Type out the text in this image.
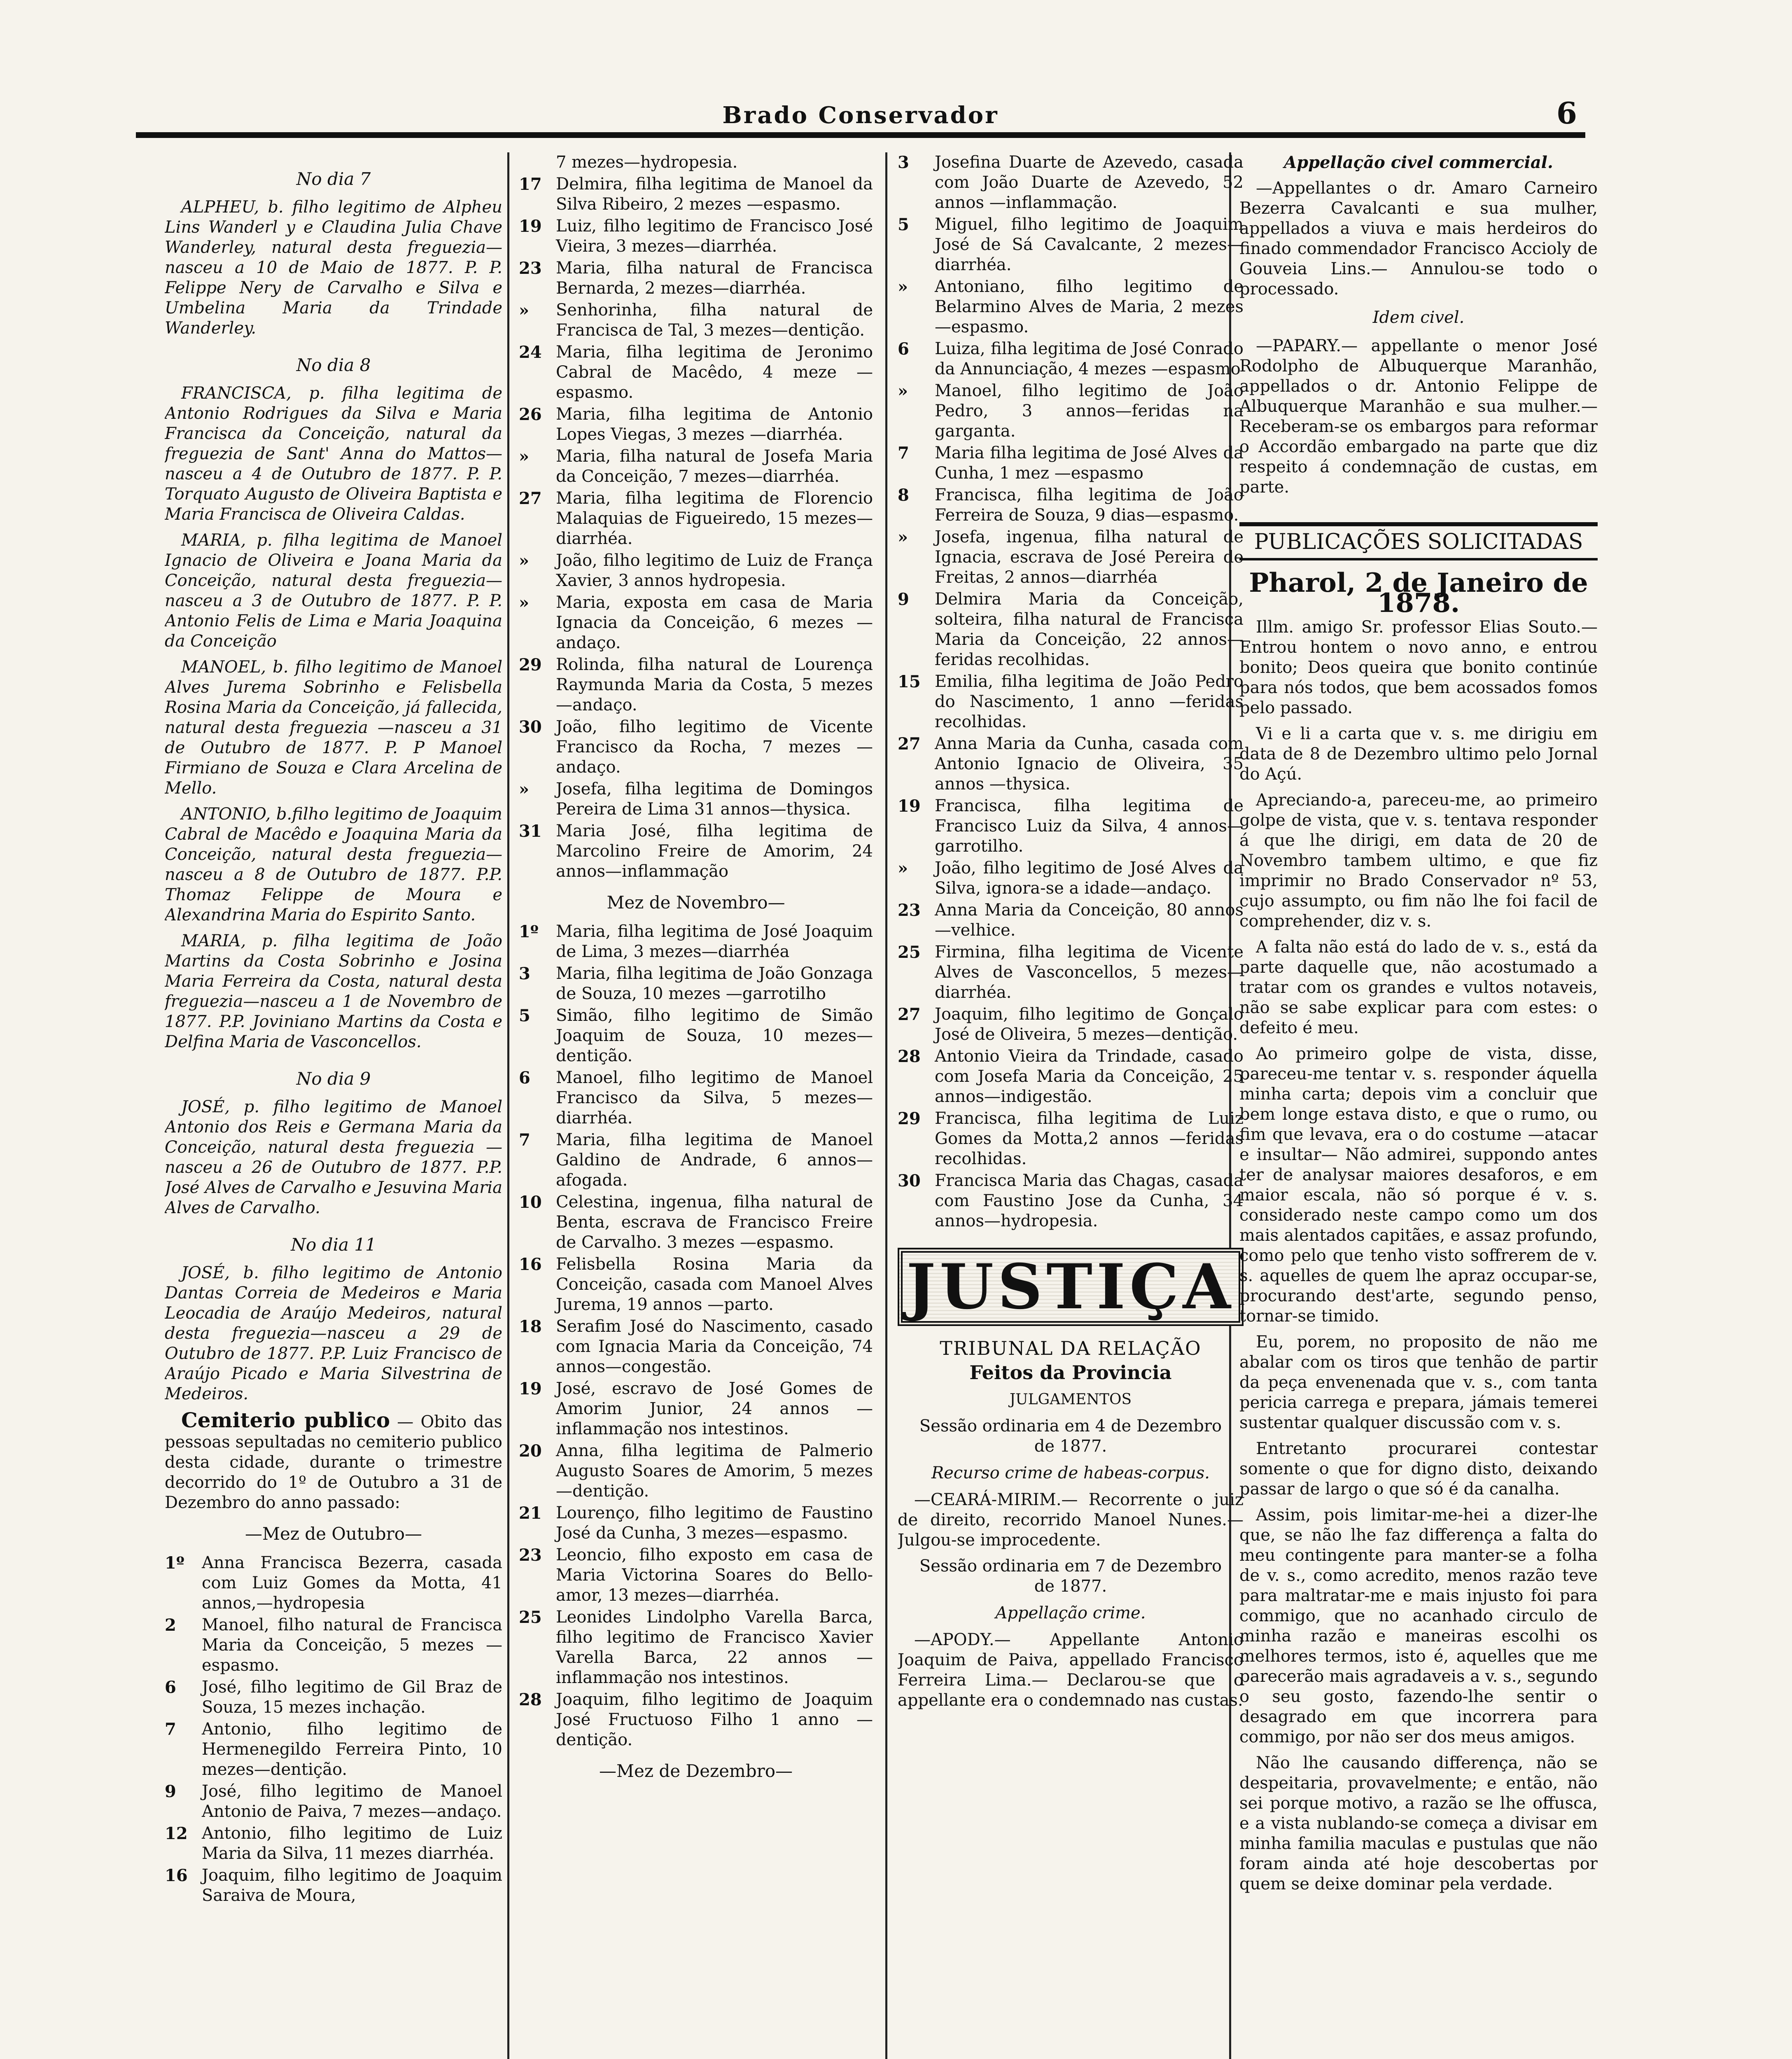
Brado Conservador	6
No dia 7
ALPHEU, b. filho legitimo de Alpheu Lins Wanderl y e Claudina Julia Chave Wanderley, natural desta freguezia—nasceu a 10 de Maio de 1877. P. P. Felippe Nery de Carvalho e Silva e Umbelina Maria da Trindade Wanderley.
No dia 8
FRANCISCA, p. filha legitima de Antonio Rodrigues da Silva e Maria Francisca da Conceição, natural da freguezia de Sant' Anna do Mattos—nasceu a 4 de Outubro de 1877. P. P. Torquato Augusto de Oliveira Baptista e Maria Francisca de Oliveira Caldas.
MARIA, p. filha legitima de Manoel Ignacio de Oliveira e Joana Maria da Conceição, natural desta freguezia—nasceu a 3 de Outubro de 1877. P. P. Antonio Felis de Lima e Maria Joaquina da Conceição
MANOEL, b. filho legitimo de Manoel Alves Jurema Sobrinho e Felisbella Rosina Maria da Conceição, já fallecida, natural desta freguezia —nasceu a 31 de Outubro de 1877. P. P Manoel Firmiano de Souza e Clara Arcelina de Mello.
ANTONIO, b.filho legitimo de Joaquim Cabral de Macêdo e Joaquina Maria da Conceição, natural desta freguezia—nasceu a 8 de Outubro de 1877. P.P. Thomaz Felippe de Moura e Alexandrina Maria do Espirito Santo.
MARIA, p. filha legitima de João Martins da Costa Sobrinho e Josina Maria Ferreira da Costa, natural desta freguezia—nasceu a 1 de Novembro de 1877. P.P. Joviniano Martins da Costa e Delfina Maria de Vasconcellos.
No dia 9
JOSÉ, p. filho legitimo de Manoel Antonio dos Reis e Germana Maria da Conceição, natural desta freguezia —nasceu a 26 de Outubro de 1877. P.P. José Alves de Carvalho e Jesuvina Maria Alves de Carvalho.
No dia 11
JOSÉ, b. filho legitimo de Antonio Dantas Correia de Medeiros e Maria Leocadia de Araújo Medeiros, natural desta freguezia—nasceu a 29 de Outubro de 1877. P.P. Luiz Francisco de Araújo Picado e Maria Silvestrina de Medeiros.
Cemiterio publico — Obito das pessoas sepultadas no cemiterio publico desta cidade, durante o trimestre decorrido do 1º de Outubro a 31 de Dezembro do anno passado:
—Mez de Outubro—
1º	Anna Francisca Bezerra, casada com Luiz Gomes da Motta, 41 annos,—hydropesia
2	Manoel, filho natural de Francisca Maria da Conceição, 5 mezes —espasmo.
6	José, filho legitimo de Gil Braz de Souza, 15 mezes inchação.
7	Antonio, filho legitimo de Hermenegildo Ferreira Pinto, 10 mezes—dentição.
9	José, filho legitimo de Manoel Antonio de Paiva, 7 mezes—andaço.
12 Antonio, filho legitimo de Luiz Maria da Silva, 11 mezes diarrhéa.
16 Joaquim, filho legitimo de Joaquim Saraiva de Moura,
7 mezes—hydropesia.
17 Delmira, filha legitima de Manoel da Silva Ribeiro, 2 mezes —espasmo.
19 Luiz, filho legitimo de Francisco José Vieira, 3 mezes—diarrhéa.
23 Maria, filha natural de Francisca Bernarda, 2 mezes—diarrhéa.
»	Senhorinha, filha natural de Francisca de Tal, 3 mezes—dentição.
24 Maria, filha legitima de Jeronimo Cabral de Macêdo, 4 meze —espasmo.
26 Maria, filha legitima de Antonio Lopes Viegas, 3 mezes —diarrhéa.
»	Maria, filha natural de Josefa Maria da Conceição, 7 mezes—diarrhéa.
27 Maria, filha legitima de Florencio Malaquias de Figueiredo, 15 mezes—diarrhéa.
»	João, filho legitimo de Luiz de França Xavier, 3 annos hydropesia.
»	Maria, exposta em casa de Maria Ignacia da Conceição, 6 mezes —andaço.
29 Rolinda, filha natural de Lourença Raymunda Maria da Costa, 5 mezes—andaço.
30 João, filho legitimo de Vicente Francisco da Rocha, 7 mezes —andaço.
»	Josefa, filha legitima de Domingos Pereira de Lima 31 annos—thysica.
31 Maria José, filha legitima de Marcolino Freire de Amorim, 24 annos—inflammação
Mez de Novembro—
1º	Maria, filha legitima de José Joaquim de Lima, 3 mezes—diarrhéa
3	Maria, filha legitima de João Gonzaga de Souza, 10 mezes —garrotilho
5	Simão, filho legitimo de Simão Joaquim de Souza, 10 mezes—dentição.
6	Manoel, filho legitimo de Manoel Francisco da Silva, 5 mezes—diarrhéa.
7	Maria, filha legitima de Manoel Galdino de Andrade, 6 annos—afogada.
10 Celestina, ingenua, filha natural de Benta, escrava de Francisco Freire de Carvalho. 3 mezes —espasmo.
16 Felisbella Rosina Maria da Conceição, casada com Manoel Alves Jurema, 19 annos —parto.
18 Serafim José do Nascimento, casado com Ignacia Maria da Conceição, 74 annos—congestão.
19 José, escravo de José Gomes de Amorim Junior, 24 annos —inflammação nos intestinos.
20 Anna, filha legitima de Palmerio Augusto Soares de Amorim, 5 mezes—dentição.
21 Lourenço, filho legitimo de Faustino José da Cunha, 3 mezes—espasmo.
23 Leoncio, filho exposto em casa de Maria Victorina Soares do Bello-amor, 13 mezes—diarrhéa.
25 Leonides Lindolpho Varella Barca, filho legitimo de Francisco Xavier Varella Barca, 22 annos —inflammação nos intestinos.
28 Joaquim, filho legitimo de Joaquim José Fructuoso Filho 1 anno —dentição.
—Mez de Dezembro—
3	Josefina Duarte de Azevedo, casada com João Duarte de Azevedo, 52 annos —inflammação.
5	Miguel, filho legitimo de Joaquim José de Sá Cavalcante, 2 mezes—diarrhéa.
»	Antoniano, filho legitimo de Belarmino Alves de Maria, 2 mezes—espasmo.
6	Luiza, filha legitima de José Conrado da Annunciação, 4 mezes —espasmo
»	Manoel, filho legitimo de João Pedro, 3 annos—feridas na garganta.
7	Maria filha legitima de José Alves da Cunha, 1 mez —espasmo
8	Francisca, filha legitima de João Ferreira de Souza, 9 dias—espasmo.
»	Josefa, ingenua, filha natural de Ignacia, escrava de José Pereira de Freitas, 2 annos—diarrhéa
9	Delmira Maria da Conceição, solteira, filha natural de Francisca Maria da Conceição, 22 annos—feridas recolhidas.
15 Emilia, filha legitima de João Pedro do Nascimento, 1 anno —feridas recolhidas.
27 Anna Maria da Cunha, casada com Antonio Ignacio de Oliveira, 35 annos —thysica.
19 Francisca, filha legitima de Francisco Luiz da Silva, 4 annos—garrotilho.
»	João, filho legitimo de José Alves da Silva, ignora-se a idade—andaço.
23 Anna Maria da Conceição, 80 annos—velhice.
25 Firmina, filha legitima de Vicente Alves de Vasconcellos, 5 mezes—diarrhéa.
27 Joaquim, filho legitimo de Gonçalo José de Oliveira, 5 mezes—dentição.
28 Antonio Vieira da Trindade, casado com Josefa Maria da Conceição, 25 annos—indigestão.
29 Francisca, filha legitima de Luiz Gomes da Motta,2 annos —feridas recolhidas.
30 Francisca Maria das Chagas, casada com Faustino Jose da Cunha, 34 annos—hydropesia.
JUSTIÇA
TRIBUNAL DA RELAÇÃO
Feitos da Provincia
JULGAMENTOS
Sessão ordinaria em 4 de Dezembro de 1877.
Recurso crime de habeas-corpus.
—CEARÁ-MIRIM.— Recorrente o juiz de direito, recorrido Manoel Nunes.— Julgou-se improcedente.
Sessão ordinaria em 7 de Dezembro de 1877.
Appellação crime.
—APODY.— Appellante Antonio Joaquim de Paiva, appellado Francisco Ferreira Lima.— Declarou-se que o appellante era o condemnado nas custas.
Appellação civel commercial.
—Appellantes o dr. Amaro Carneiro Bezerra Cavalcanti e sua mulher, appellados a viuva e mais herdeiros do finado commendador Francisco Accioly de Gouveia Lins.— Annulou-se todo o processado.
Idem civel.
—PAPARY.— appellante o menor José Rodolpho de Albuquerque Maranhão, appellados o dr. Antonio Felippe de Albuquerque Maranhão e sua mulher.— Receberam-se os embargos para reformar o Accordão embargado na parte que diz respeito á condemnação de custas, em parte.
PUBLICAÇÕES SOLICITADAS
Pharol, 2 de Janeiro de 1878.
Illm. amigo Sr. professor Elias Souto.—Entrou hontem o novo anno, e entrou bonito; Deos queira que bonito continúe para nós todos, que bem acossados fomos pelo passado.
Vi e li a carta que v. s. me dirigiu em data de 8 de Dezembro ultimo pelo Jornal do Açú.
Apreciando-a, pareceu-me, ao primeiro golpe de vista, que v. s. tentava responder á que lhe dirigi, em data de 20 de Novembro tambem ultimo, e que fiz imprimir no Brado Conservador nº 53, cujo assumpto, ou fim não lhe foi facil de comprehender, diz v. s.
A falta não está do lado de v. s., está da parte daquelle que, não acostumado a tratar com os grandes e vultos notaveis, não se sabe explicar para com estes: o defeito é meu.
Ao primeiro golpe de vista, disse, pareceu-me tentar v. s. responder áquella minha carta; depois vim a concluir que bem longe estava disto, e que o rumo, ou fim que levava, era o do costume —atacar e insultar— Não admirei, suppondo antes ter de analysar maiores desaforos, e em maior escala, não só porque é v. s. considerado neste campo como um dos mais alentados capitães, e assaz profundo, como pelo que tenho visto soffrerem de v. s. aquelles de quem lhe apraz occupar-se, procurando dest'arte, segundo penso, tornar-se timido.
Eu, porem, no proposito de não me abalar com os tiros que tenhão de partir da peça envenenada que v. s., com tanta pericia carrega e prepara, jámais temerei sustentar qualquer discussão com v. s.
Entretanto procurarei contestar somente o que for digno disto, deixando passar de largo o que só é da canalha.
Assim, pois limitar-me-hei a dizer-lhe que, se não lhe faz differença a falta do meu contingente para manter-se a folha de v. s., como acredito, menos razão teve para maltratar-me e mais injusto foi para commigo, que no acanhado circulo de minha razão e maneiras escolhi os melhores termos, isto é, aquelles que me parecerão mais agradaveis a v. s., segundo o seu gosto, fazendo-lhe sentir o desagrado em que incorrera para commigo, por não ser dos meus amigos.
Não lhe causando differença, não se despeitaria, provavelmente; e então, não sei porque motivo, a razão se lhe offusca, e a vista nublando-se começa a divisar em minha familia maculas e pustulas que não foram ainda até hoje descobertas por quem se deixe dominar pela verdade.
